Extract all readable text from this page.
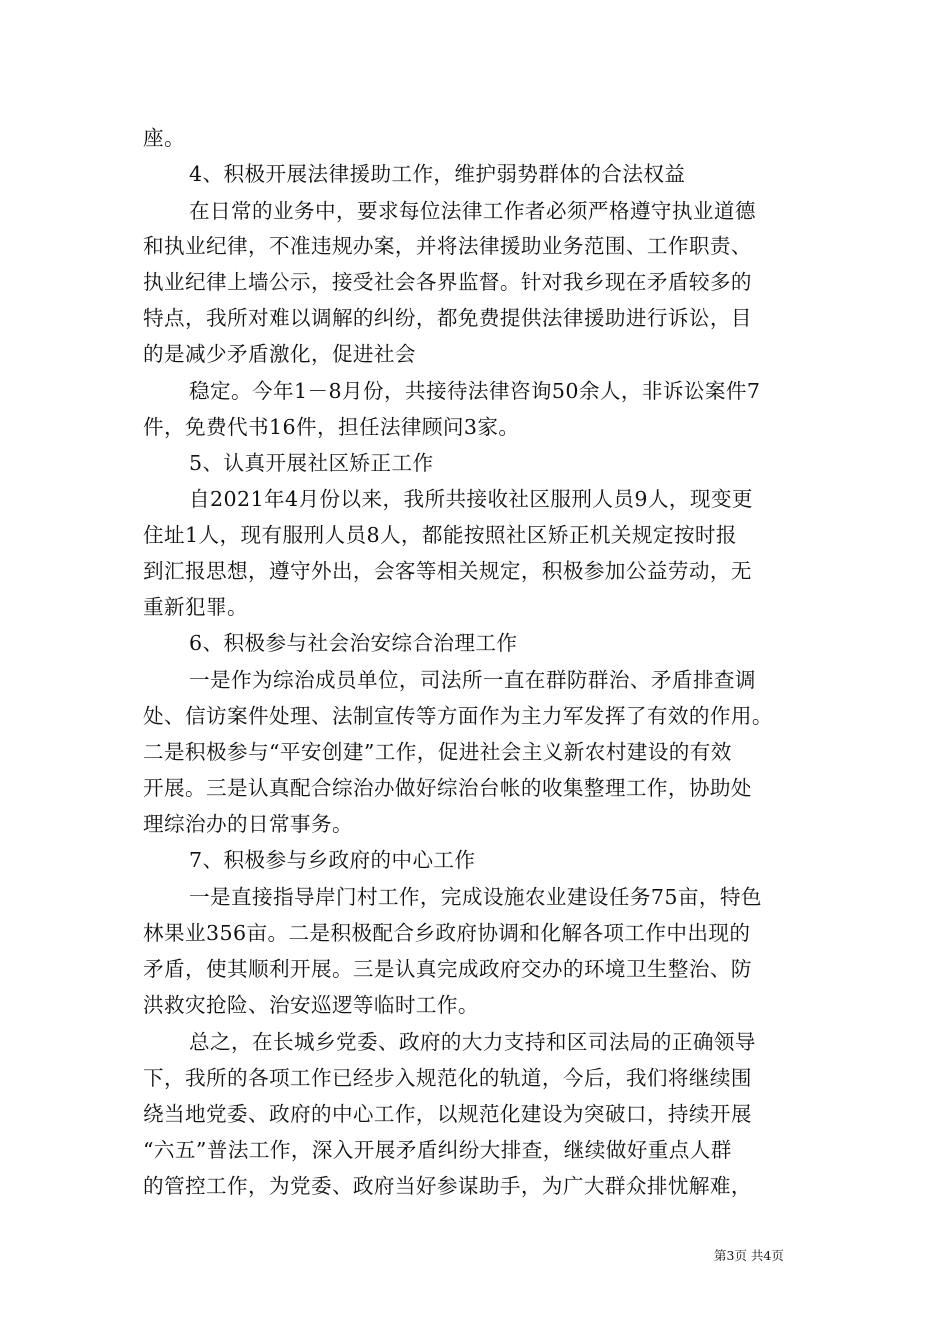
座。
4、积极开展法律援助工作，维护弱势群体的合法权益
在日常的业务中，要求每位法律工作者必须严格遵守执业道德
和执业纪律，不准违规办案，并将法律援助业务范围、工作职责、
执业纪律上墙公示，接受社会各界监督。针对我乡现在矛盾较多的
特点，我所对难以调解的纠纷，都免费提供法律援助进行诉讼，目
的是减少矛盾激化，促进社会
稳定。今年1－8月份，共接待法律咨询50余人，非诉讼案件7
件，免费代书16件，担任法律顾问3家。
5、认真开展社区矫正工作
自2021年4月份以来，我所共接收社区服刑人员9人，现变更
住址1人，现有服刑人员8人，都能按照社区矫正机关规定按时报
到汇报思想，遵守外出，会客等相关规定，积极参加公益劳动，无
重新犯罪。
6、积极参与社会治安综合治理工作
一是作为综治成员单位，司法所一直在群防群治、矛盾排查调
处、信访案件处理、法制宣传等方面作为主力军发挥了有效的作用。
二是积极参与“平安创建”工作，促进社会主义新农村建设的有效
开展。三是认真配合综治办做好综治台帐的收集整理工作，协助处
理综治办的日常事务。
7、积极参与乡政府的中心工作
一是直接指导岸门村工作，完成设施农业建设任务75亩，特色
林果业356亩。二是积极配合乡政府协调和化解各项工作中出现的
矛盾，使其顺利开展。三是认真完成政府交办的环境卫生整治、防
洪救灾抢险、治安巡逻等临时工作。
总之，在长城乡党委、政府的大力支持和区司法局的正确领导
下，我所的各项工作已经步入规范化的轨道，今后，我们将继续围
绕当地党委、政府的中心工作，以规范化建设为突破口，持续开展
“六五”普法工作，深入开展矛盾纠纷大排查，继续做好重点人群
的管控工作，为党委、政府当好参谋助手，为广大群众排忧解难，
第3页 共4页
